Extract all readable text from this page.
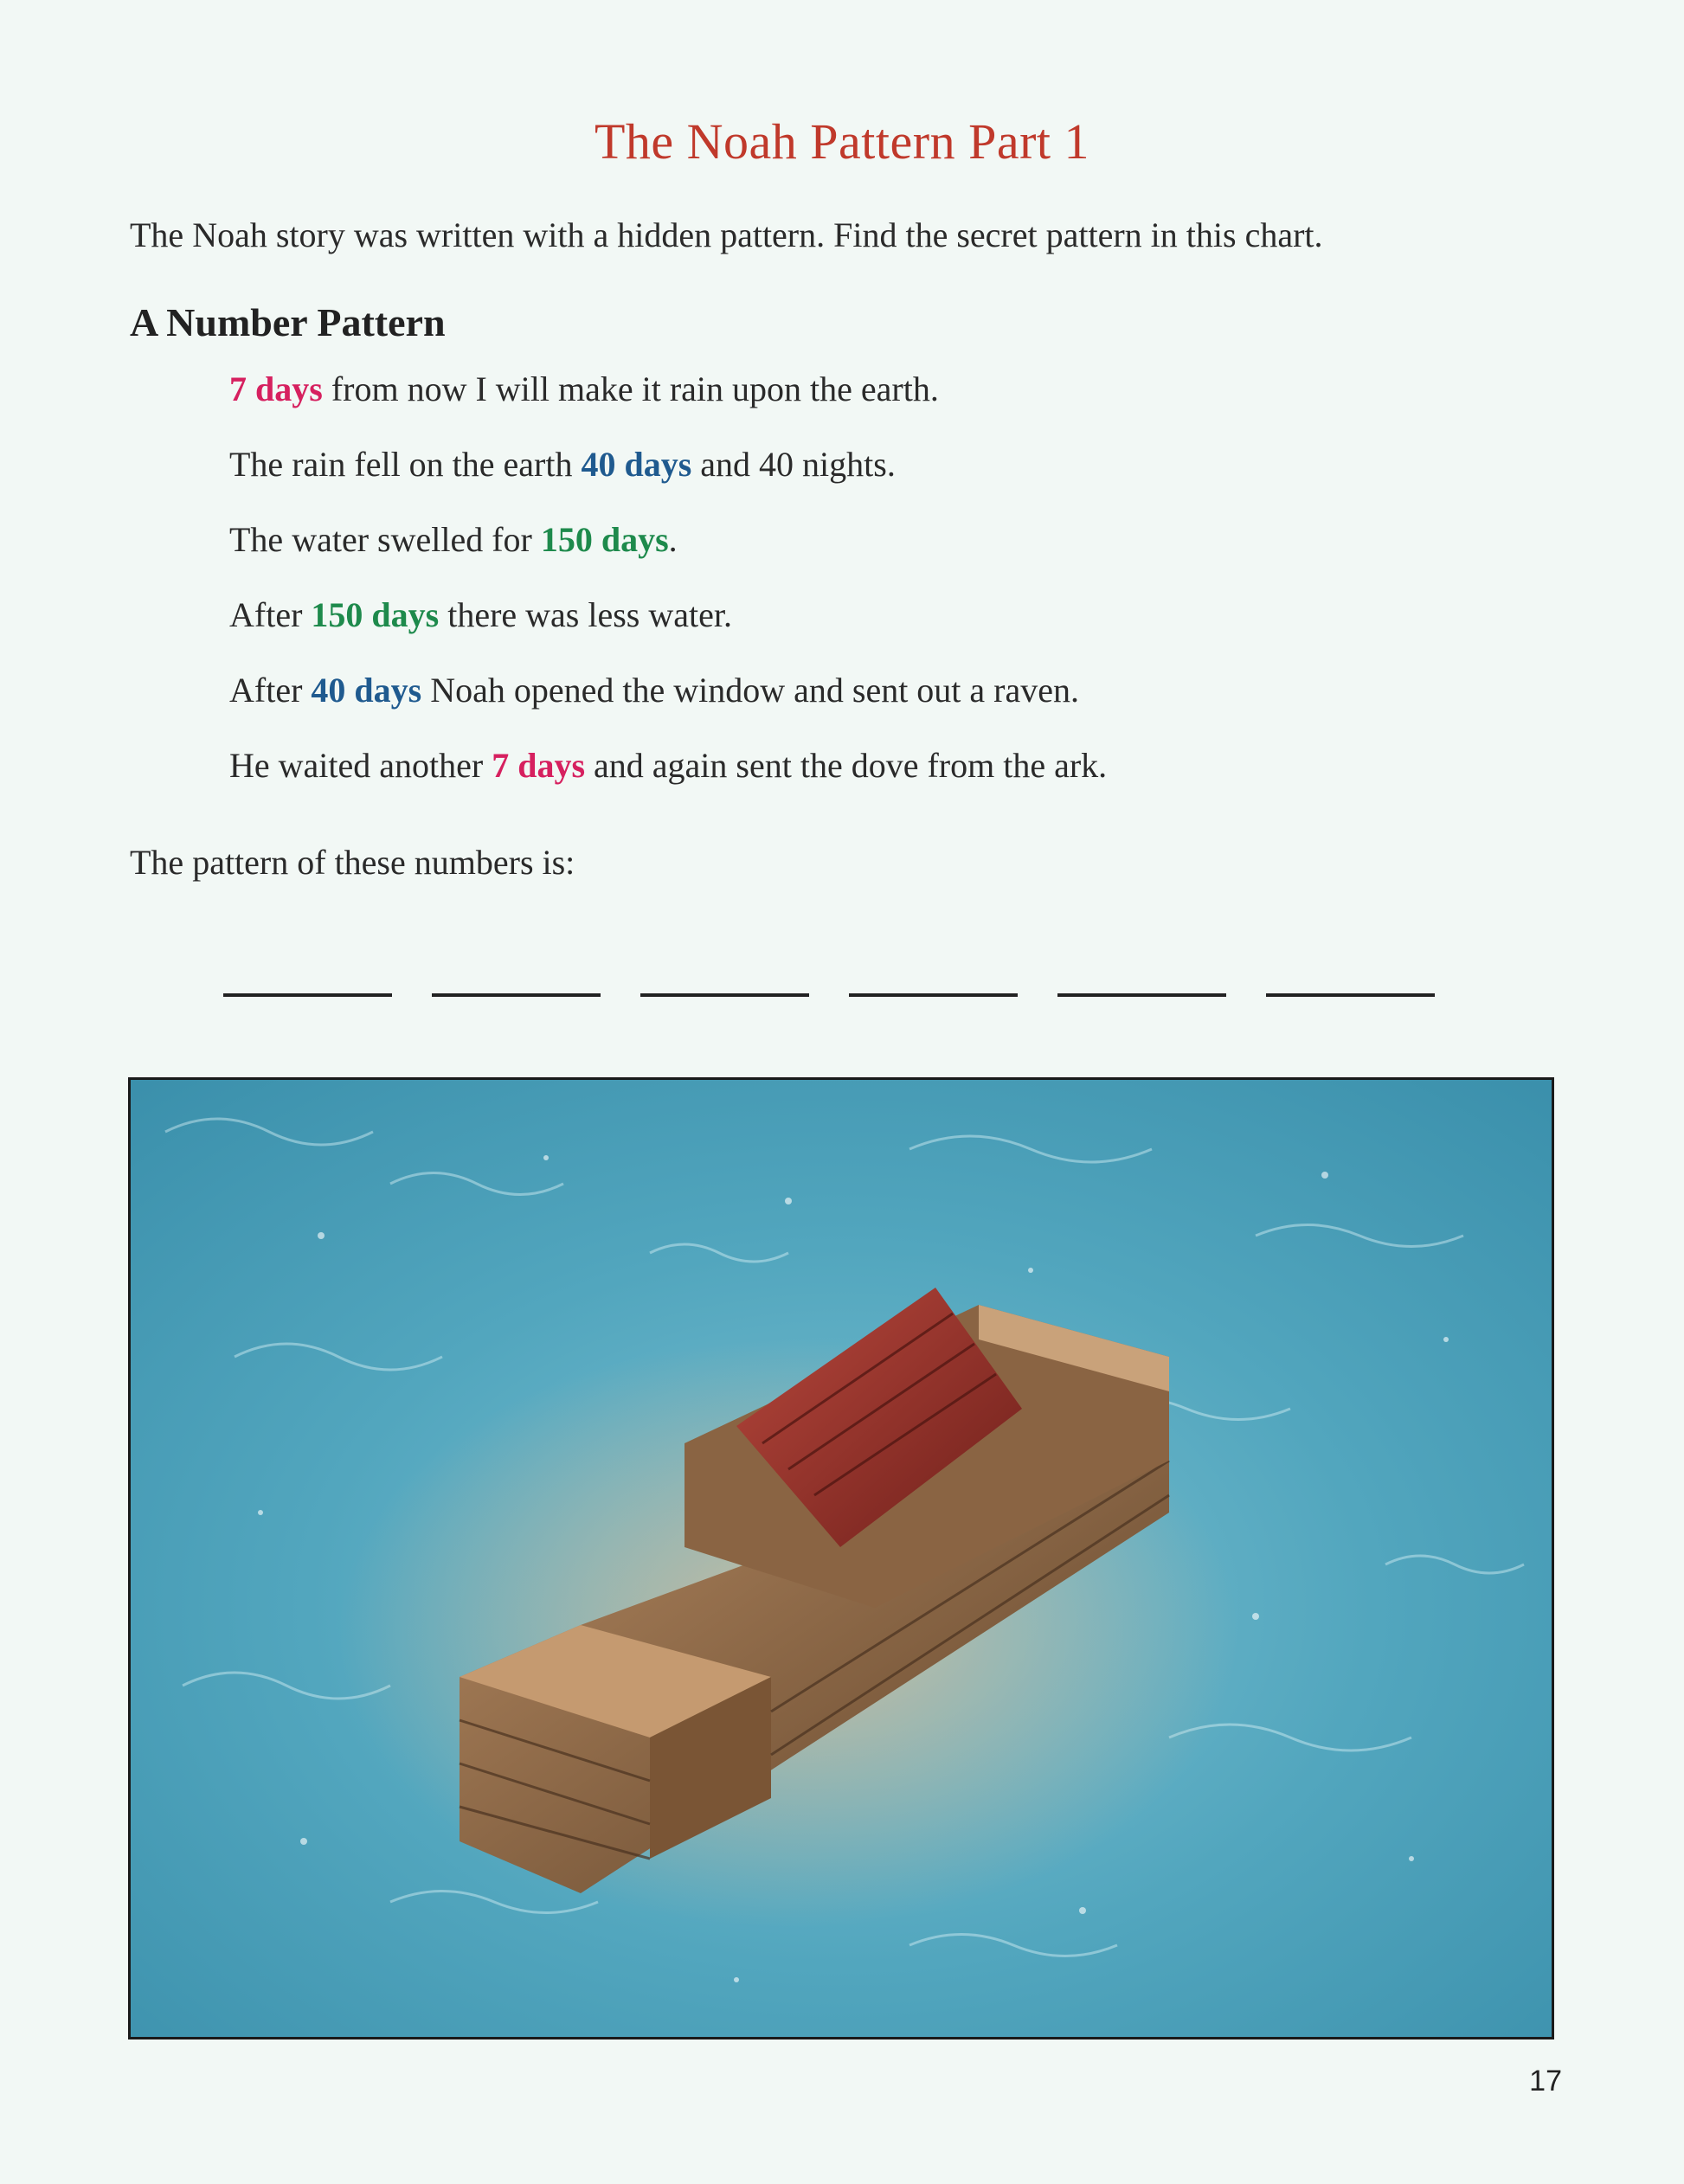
The Noah Pattern Part 1

The Noah story was written with a hidden pattern. Find the secret pattern in this chart.

A Number Pattern
7 days from now I will make it rain upon the earth.
The rain fell on the earth 40 days and 40 nights.
The water swelled for 150 days.
After 150 days there was less water.
After 40 days Noah opened the window and sent out a raven.
He waited another 7 days and again sent the dove from the ark.

The pattern of these numbers is:

17
